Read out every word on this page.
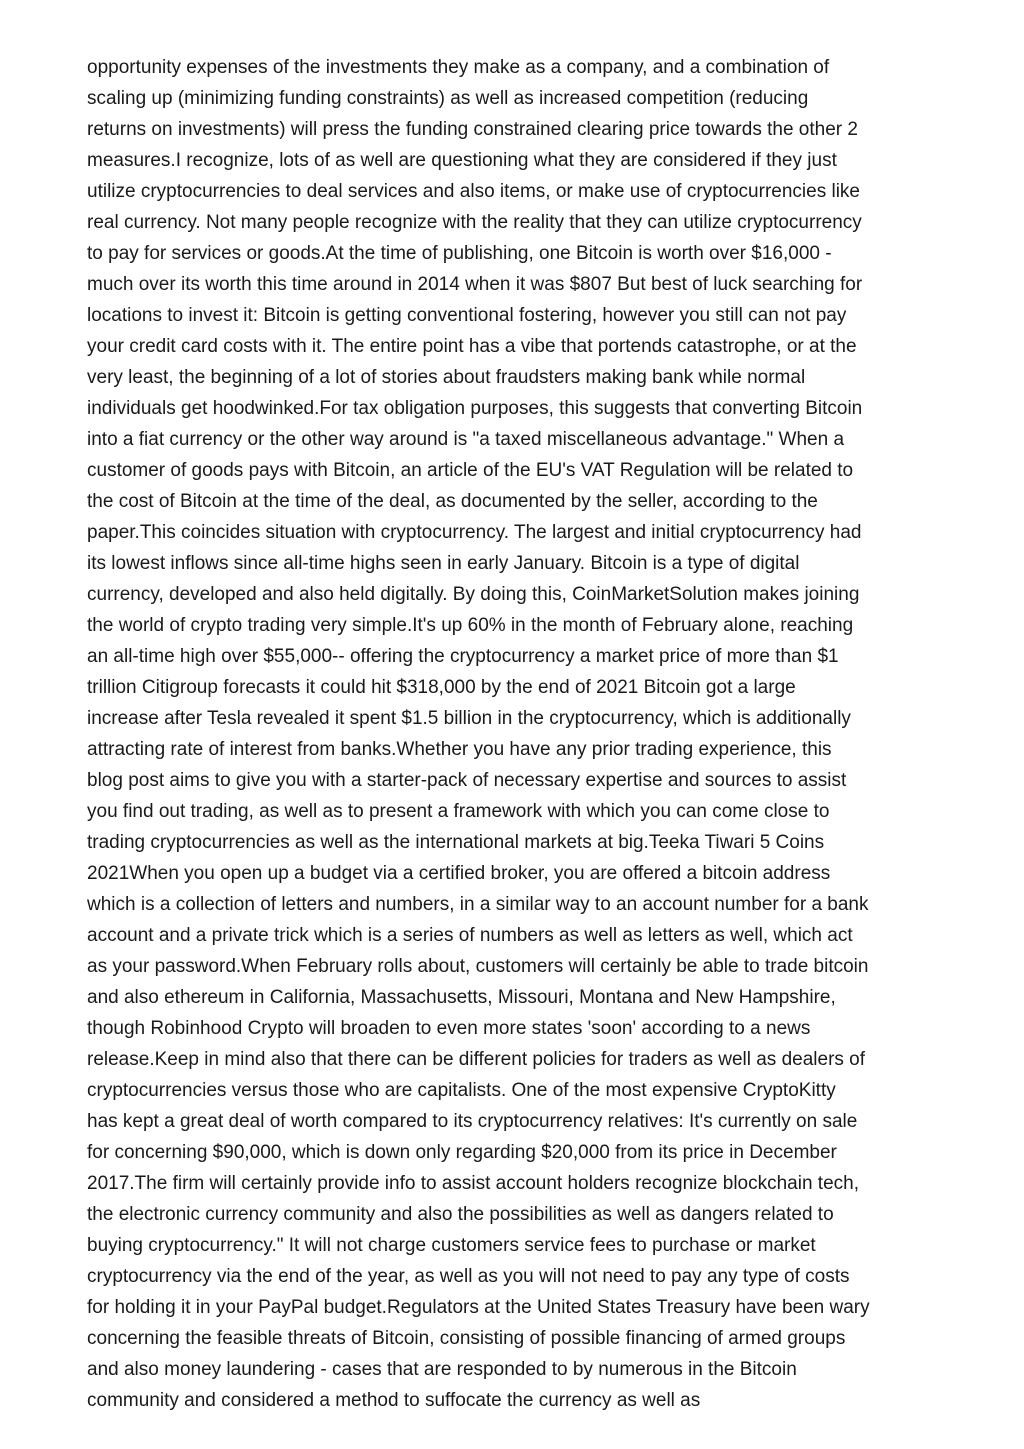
opportunity expenses of the investments they make as a company, and a combination of
scaling up (minimizing funding constraints) as well as increased competition (reducing
returns on investments) will press the funding constrained clearing price towards the other 2
measures.I recognize, lots of as well are questioning what they are considered if they just
utilize cryptocurrencies to deal services and also items, or make use of cryptocurrencies like
real currency. Not many people recognize with the reality that they can utilize cryptocurrency
to pay for services or goods.At the time of publishing, one Bitcoin is worth over $16,000 -
much over its worth this time around in 2014 when it was $807 But best of luck searching for
locations to invest it: Bitcoin is getting conventional fostering, however you still can not pay
your credit card costs with it. The entire point has a vibe that portends catastrophe, or at the
very least, the beginning of a lot of stories about fraudsters making bank while normal
individuals get hoodwinked.For tax obligation purposes, this suggests that converting Bitcoin
into a fiat currency or the other way around is "a taxed miscellaneous advantage." When a
customer of goods pays with Bitcoin, an article of the EU's VAT Regulation will be related to
the cost of Bitcoin at the time of the deal, as documented by the seller, according to the
paper.This coincides situation with cryptocurrency. The largest and initial cryptocurrency had
its lowest inflows since all-time highs seen in early January. Bitcoin is a type of digital
currency, developed and also held digitally. By doing this, CoinMarketSolution makes joining
the world of crypto trading very simple.It's up 60% in the month of February alone, reaching
an all-time high over $55,000-- offering the cryptocurrency a market price of more than $1
trillion Citigroup forecasts it could hit $318,000 by the end of 2021 Bitcoin got a large
increase after Tesla revealed it spent $1.5 billion in the cryptocurrency, which is additionally
attracting rate of interest from banks.Whether you have any prior trading experience, this
blog post aims to give you with a starter-pack of necessary expertise and sources to assist
you find out trading, as well as to present a framework with which you can come close to
trading cryptocurrencies as well as the international markets at big.Teeka Tiwari 5 Coins
2021When you open up a budget via a certified broker, you are offered a bitcoin address
which is a collection of letters and numbers, in a similar way to an account number for a bank
account and a private trick which is a series of numbers as well as letters as well, which act
as your password.When February rolls about, customers will certainly be able to trade bitcoin
and also ethereum in California, Massachusetts, Missouri, Montana and New Hampshire,
though Robinhood Crypto will broaden to even more states 'soon' according to a news
release.Keep in mind also that there can be different policies for traders as well as dealers of
cryptocurrencies versus those who are capitalists. One of the most expensive CryptoKitty
has kept a great deal of worth compared to its cryptocurrency relatives: It's currently on sale
for concerning $90,000, which is down only regarding $20,000 from its price in December
2017.The firm will certainly provide info to assist account holders recognize blockchain tech,
the electronic currency community and also the possibilities as well as dangers related to
buying cryptocurrency." It will not charge customers service fees to purchase or market
cryptocurrency via the end of the year, as well as you will not need to pay any type of costs
for holding it in your PayPal budget.Regulators at the United States Treasury have been wary
concerning the feasible threats of Bitcoin, consisting of possible financing of armed groups
and also money laundering - cases that are responded to by numerous in the Bitcoin
community and considered a method to suffocate the currency as well as
